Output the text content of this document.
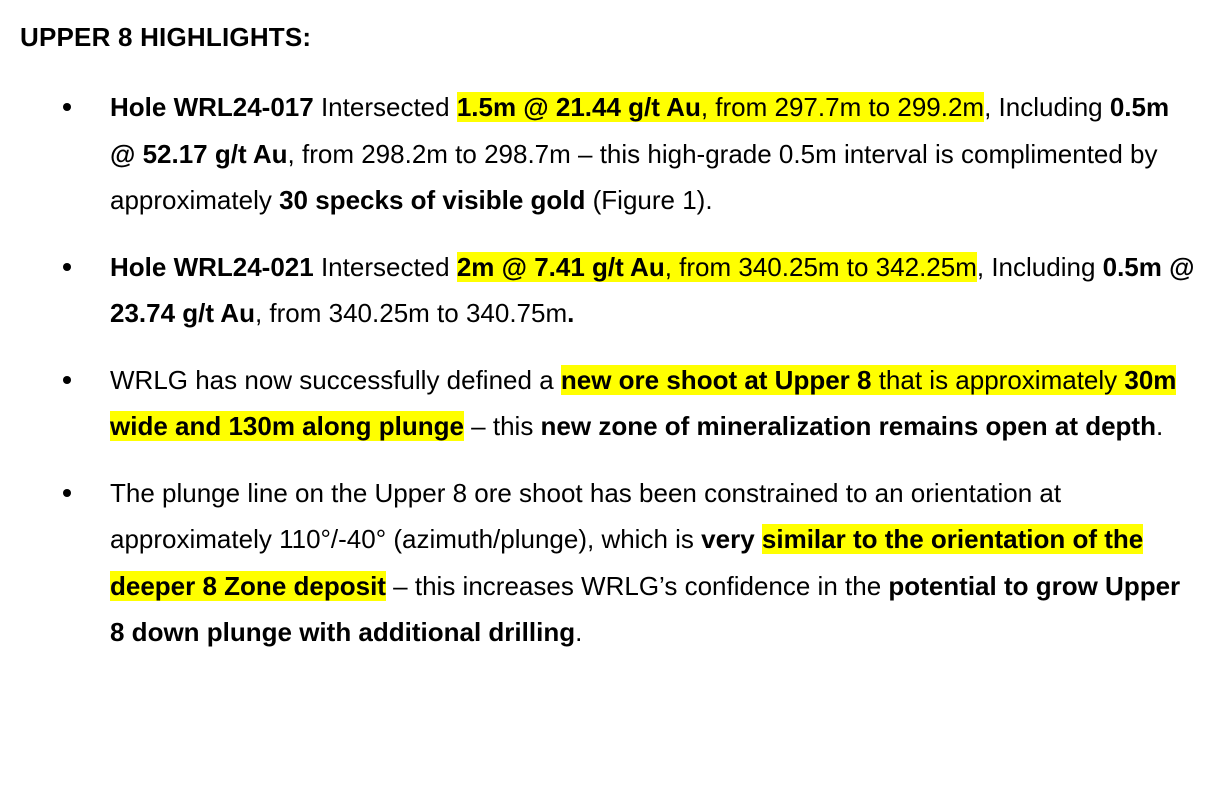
UPPER 8 HIGHLIGHTS:
Hole WRL24-017 Intersected 1.5m @ 21.44 g/t Au, from 297.7m to 299.2m, Including 0.5m @ 52.17 g/t Au, from 298.2m to 298.7m – this high-grade 0.5m interval is complimented by approximately 30 specks of visible gold (Figure 1).
Hole WRL24-021 Intersected 2m @ 7.41 g/t Au, from 340.25m to 342.25m, Including 0.5m @ 23.74 g/t Au, from 340.25m to 340.75m.
WRLG has now successfully defined a new ore shoot at Upper 8 that is approximately 30m wide and 130m along plunge – this new zone of mineralization remains open at depth.
The plunge line on the Upper 8 ore shoot has been constrained to an orientation at approximately 110°/-40° (azimuth/plunge), which is very similar to the orientation of the deeper 8 Zone deposit – this increases WRLG’s confidence in the potential to grow Upper 8 down plunge with additional drilling.
